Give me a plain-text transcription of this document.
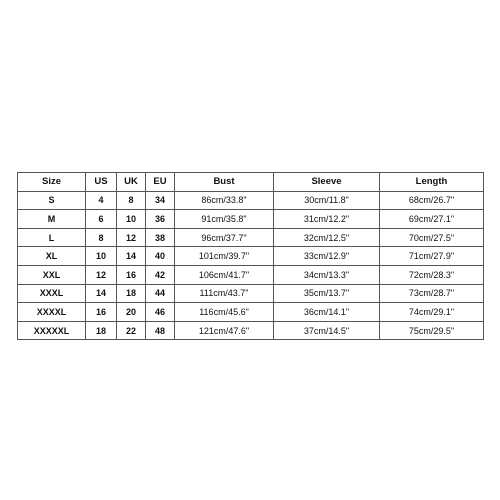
Size	US	UK	EU	Bust	Sleeve	Length
S	4	8	34	86cm/33.8"	30cm/11.8"	68cm/26.7"
M	6	10	36	91cm/35.8"	31cm/12.2"	69cm/27.1"
L	8	12	38	96cm/37.7"	32cm/12.5"	70cm/27.5"
XL	10	14	40	101cm/39.7"	33cm/12.9"	71cm/27.9"
XXL	12	16	42	106cm/41.7"	34cm/13.3"	72cm/28.3"
XXXL	14	18	44	111cm/43.7"	35cm/13.7"	73cm/28.7"
XXXXL	16	20	46	116cm/45.6"	36cm/14.1"	74cm/29.1"
XXXXXL	18	22	48	121cm/47.6"	37cm/14.5"	75cm/29.5"
